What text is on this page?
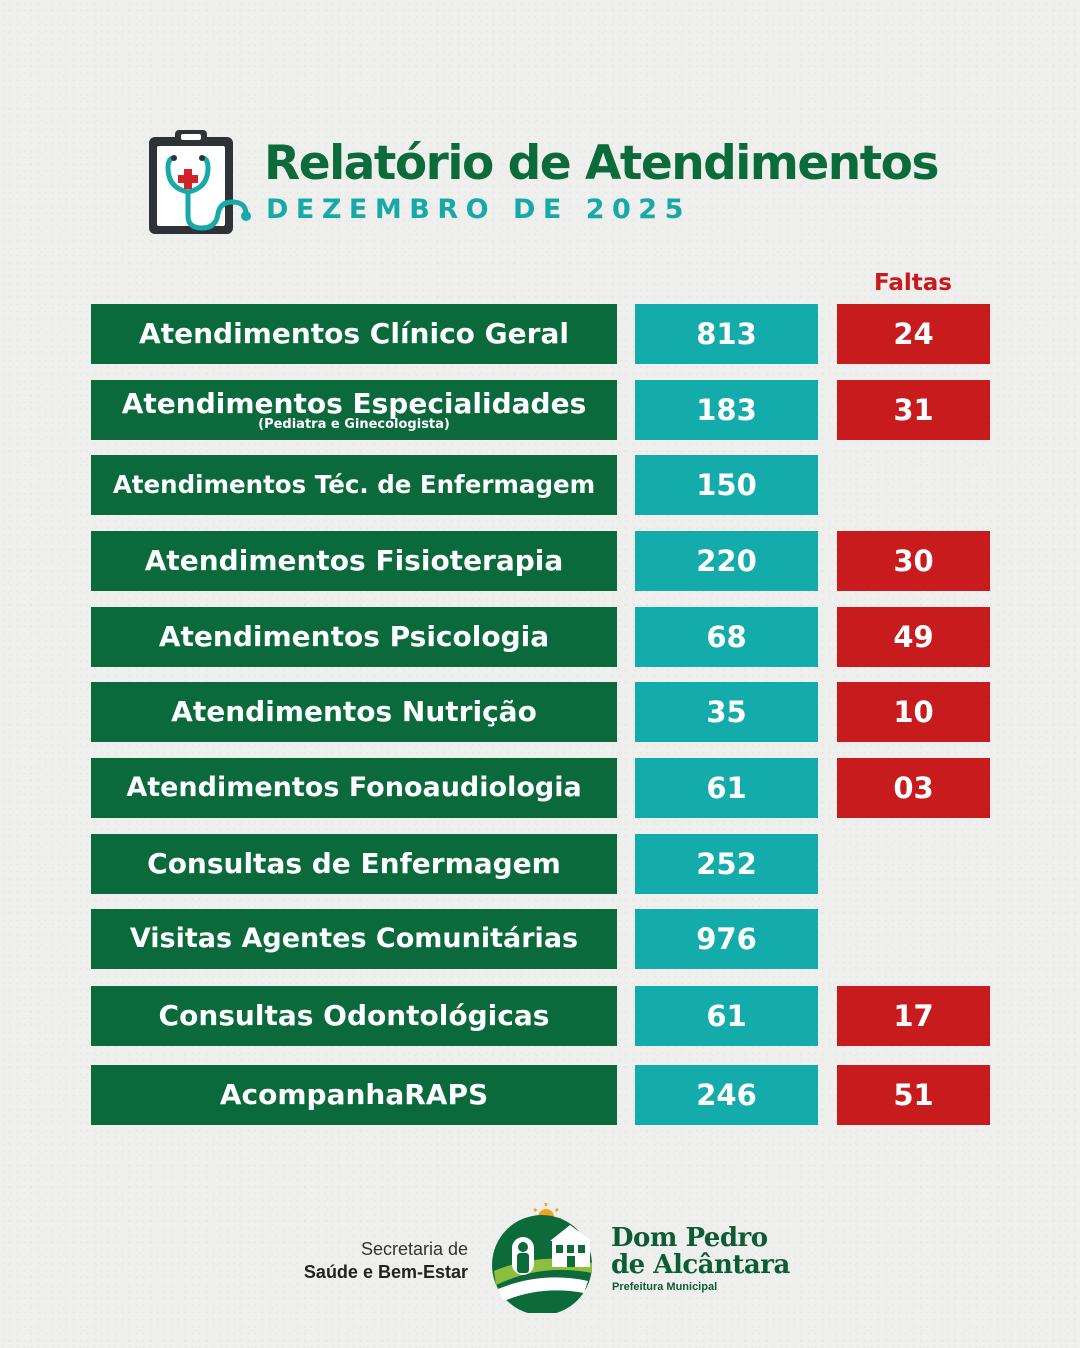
Relatório de Atendimentos
DEZEMBRO DE 2025
Faltas
Atendimentos Clínico Geral	813	24
Atendimentos Especialidades
(Pediatra e Ginecologista)	183	31
Atendimentos Téc. de Enfermagem	150
Atendimentos Fisioterapia	220	30
Atendimentos Psicologia	68	49
Atendimentos Nutrição	35	10
Atendimentos Fonoaudiologia	61	03
Consultas de Enfermagem	252
Visitas Agentes Comunitárias	976
Consultas Odontológicas	61	17
AcompanhaRAPS	246	51
Secretaria de
Saúde e Bem-Estar
Dom Pedro
de Alcântara
Prefeitura Municipal
